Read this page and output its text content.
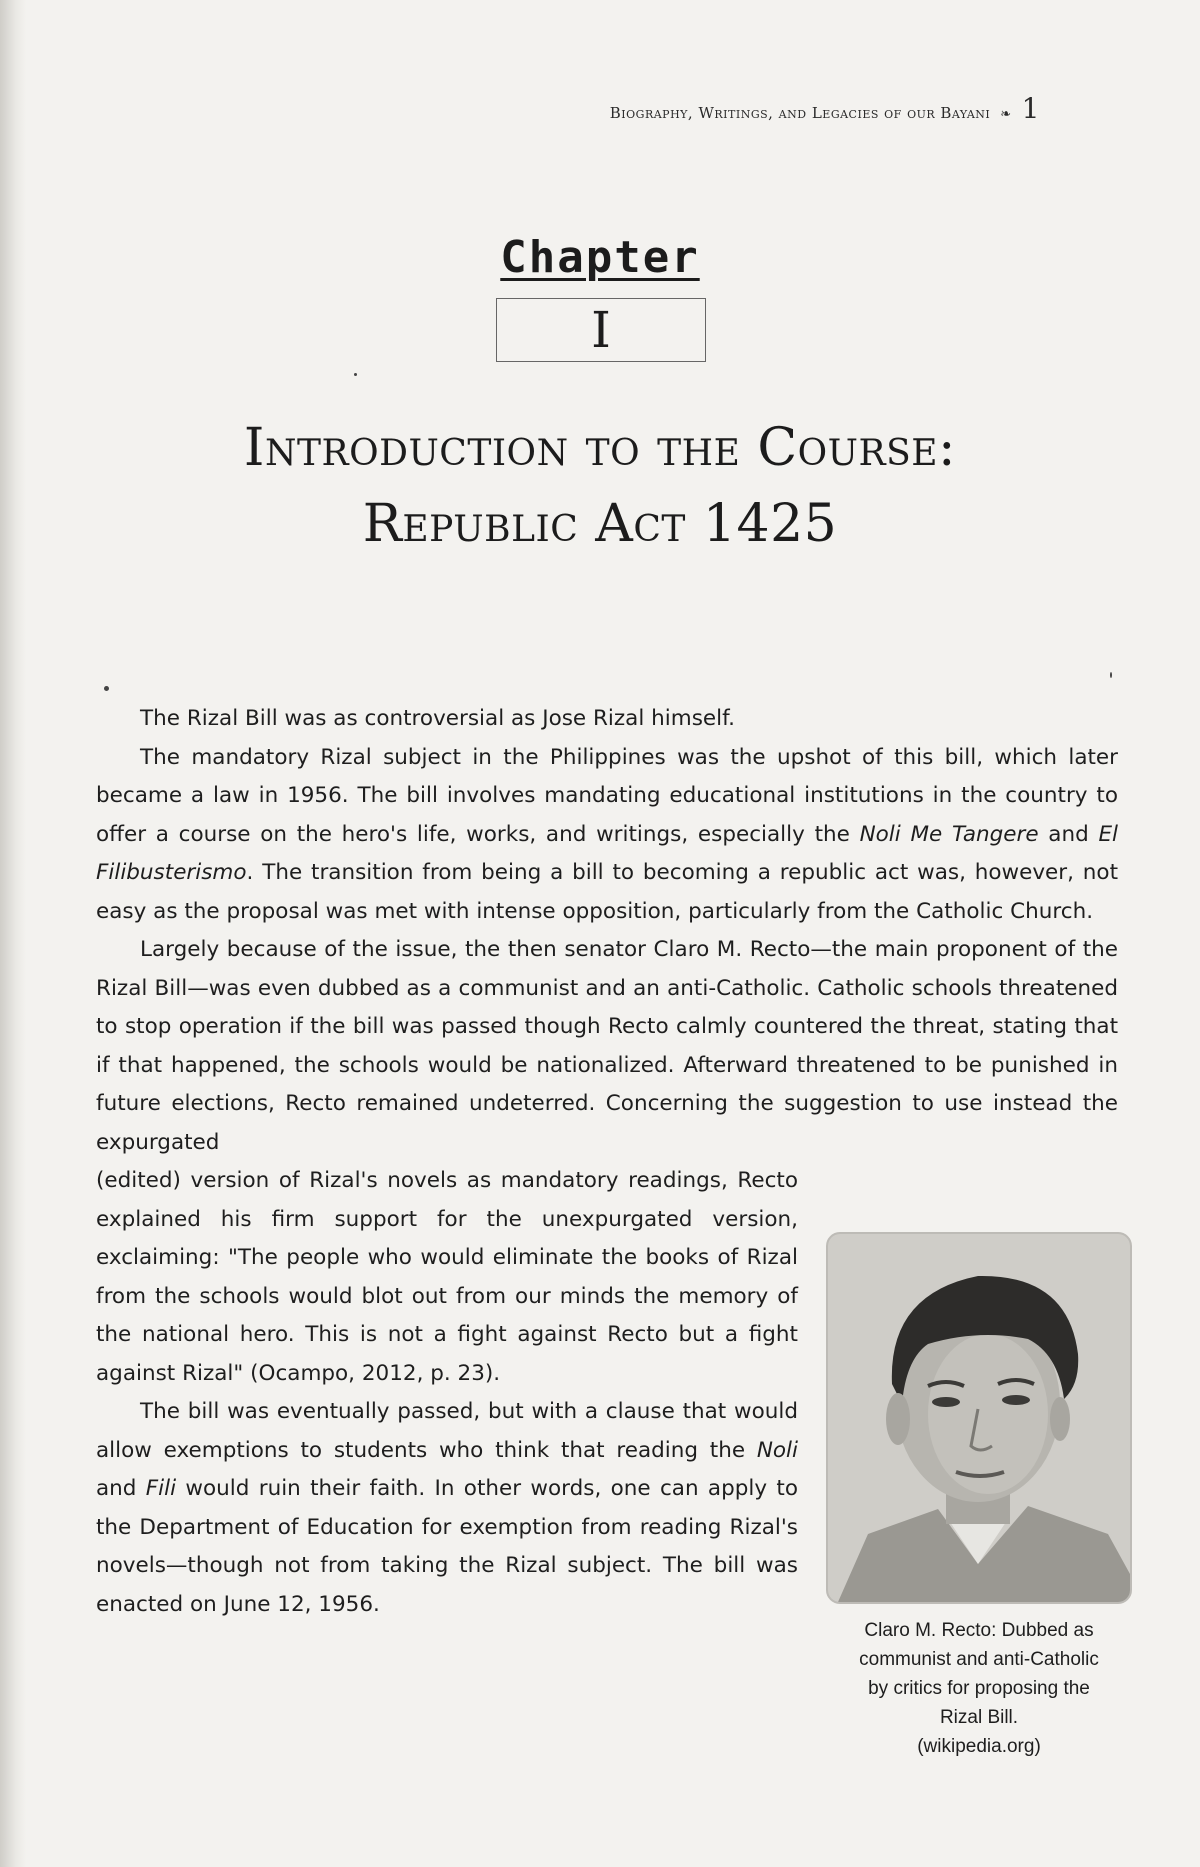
Biography, Writings, and Legacies of our Bayani ❧ 1
Chapter
I
Introduction to the Course:
Republic Act 1425

The Rizal Bill was as controversial as Jose Rizal himself.

The mandatory Rizal subject in the Philippines was the upshot of this bill, which later became a law in 1956. The bill involves mandating educational institutions in the country to offer a course on the hero's life, works, and writings, especially the Noli Me Tangere and El Filibusterismo. The transition from being a bill to becoming a republic act was, however, not easy as the proposal was met with intense opposition, particularly from the Catholic Church.

Largely because of the issue, the then senator Claro M. Recto—the main proponent of the Rizal Bill—was even dubbed as a communist and an anti-Catholic. Catholic schools threatened to stop operation if the bill was passed though Recto calmly countered the threat, stating that if that happened, the schools would be nationalized. Afterward threatened to be punished in future elections, Recto remained undeterred. Concerning the suggestion to use instead the expurgated

(edited) version of Rizal's novels as mandatory readings, Recto explained his firm support for the unexpurgated version, exclaiming: "The people who would eliminate the books of Rizal from the schools would blot out from our minds the memory of the national hero. This is not a fight against Recto but a fight against Rizal" (Ocampo, 2012, p. 23).

The bill was eventually passed, but with a clause that would allow exemptions to students who think that reading the Noli and Fili would ruin their faith. In other words, one can apply to the Department of Education for exemption from reading Rizal's novels—though not from taking the Rizal subject. The bill was enacted on June 12, 1956.

Claro M. Recto: Dubbed as
communist and anti-Catholic
by critics for proposing the
Rizal Bill.
(wikipedia.org)
